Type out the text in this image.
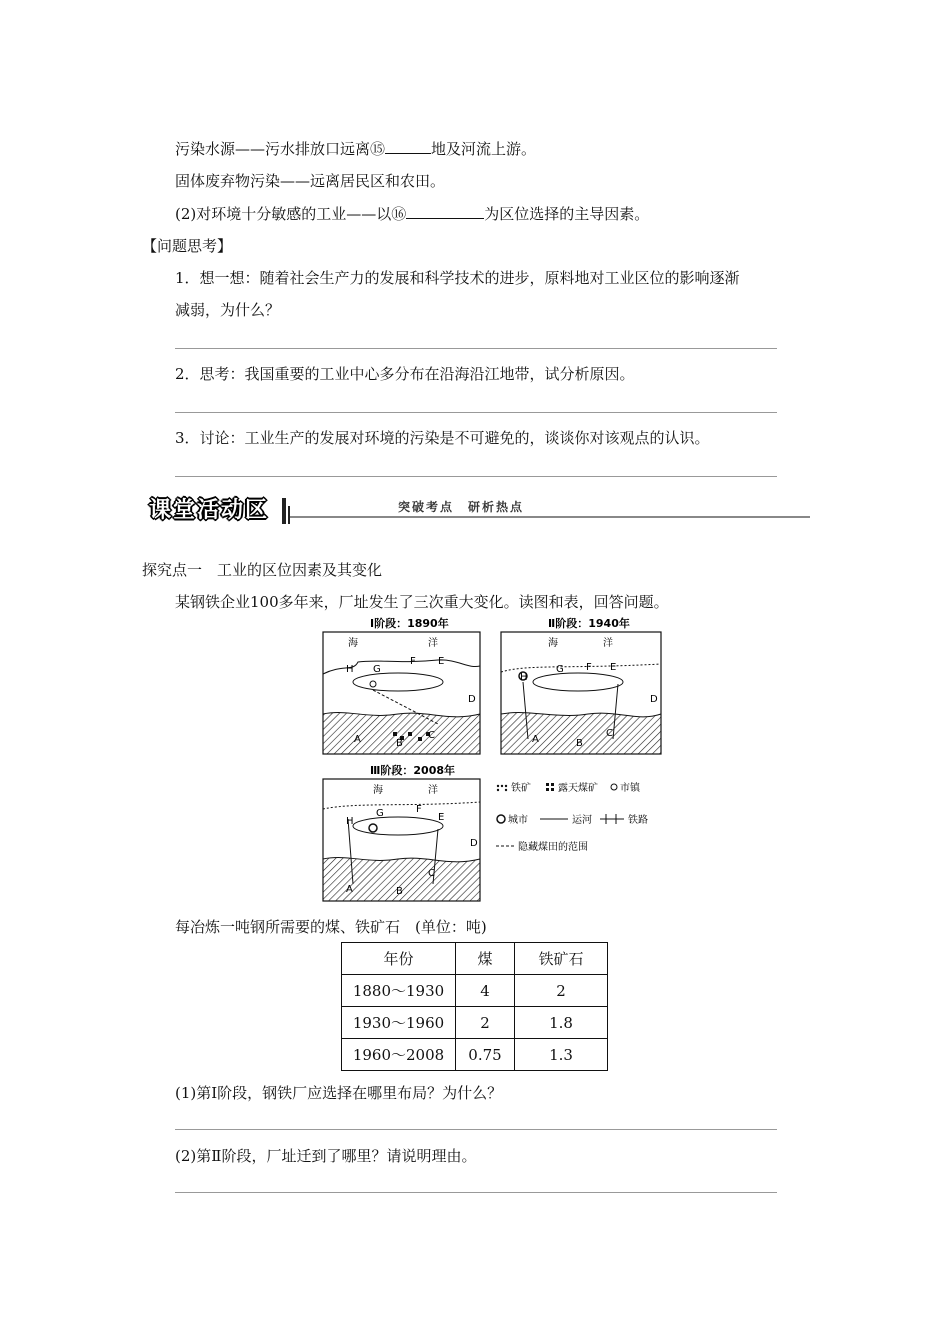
污染水源——污水排放口远离⑮	地及河流上游。
固体废弃物污染——远离居民区和农田。
(2)对环境十分敏感的工业——以⑯	为区位选择的主导因素。
【问题思考】
1．想一想：随着社会生产力的发展和科学技术的进步，原料地对工业区位的影响逐渐
减弱，为什么？
2．思考：我国重要的工业中心多分布在沿海沿江地带，试分析原因。
3．讨论：工业生产的发展对环境的污染是不可避免的，谈谈你对该观点的认识。
课堂活动区	突破考点　研析热点
探究点一　工业的区位因素及其变化
某钢铁企业100多年来，厂址发生了三次重大变化。读图和表，回答问题。
Ⅰ阶段：1890年
海	洋
Ⅱ阶段：1940年
海	洋
Ⅲ阶段：2008年
海	洋	铁矿	露天煤矿 市镇
城市	运河	铁路
隐藏煤田的范围
A	B
C
D
E
F
G
H
A	B
C
D
E
F
G
H
A	B
C
D
E
F
G
H
每冶炼一吨钢所需要的煤、铁矿石　(单位：吨)
年份	煤	铁矿石
1880～1930	4	2
1930～1960	2	1.8
1960～2008	0.75	1.3
(1)第Ⅰ阶段，钢铁厂应选择在哪里布局？为什么？
(2)第Ⅱ阶段，厂址迁到了哪里？请说明理由。
